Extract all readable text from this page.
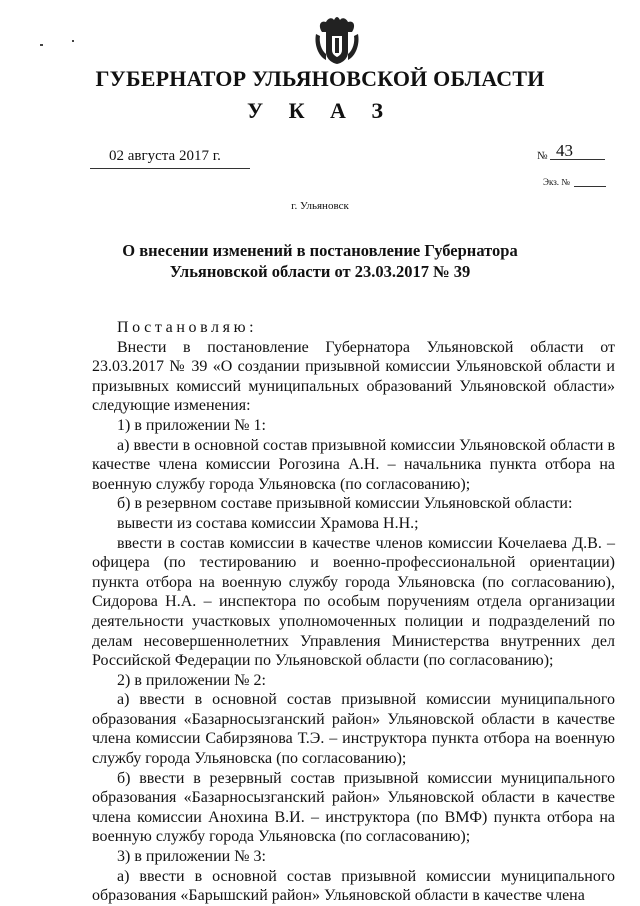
ГУБЕРНАТОР УЛЬЯНОВСКОЙ ОБЛАСТИ
У К А З
02 августа 2017 г.	№ 43
Экз. №
г. Ульяновск
О внесении изменений в постановление Губернатора
Ульяновской области от 23.03.2017 № 39
Постановляю:
Внести в постановление Губернатора Ульяновской области от 23.03.2017 № 39 «О создании призывной комиссии Ульяновской области и призывных комиссий муниципальных образований Ульяновской области» следующие изменения:
1) в приложении № 1:
а) ввести в основной состав призывной комиссии Ульяновской области в качестве члена комиссии Рогозина А.Н. – начальника пункта отбора на военную службу города Ульяновска (по согласованию);
б) в резервном составе призывной комиссии Ульяновской области:
вывести из состава комиссии Храмова Н.Н.;
ввести в состав комиссии в качестве членов комиссии Кочелаева Д.В. – офицера (по тестированию и военно-профессиональной ориентации) пункта отбора на военную службу города Ульяновска (по согласованию), Сидорова Н.А. – инспектора по особым поручениям отдела организации деятельности участковых уполномоченных полиции и подразделений по делам несовершеннолетних Управления Министерства внутренних дел Российской Федерации по Ульяновской области (по согласованию);
2) в приложении № 2:
а) ввести в основной состав призывной комиссии муниципального образования «Базарносызганский район» Ульяновской области в качестве члена комиссии Сабирзянова Т.Э. – инструктора пункта отбора на военную службу города Ульяновска (по согласованию);
б) ввести в резервный состав призывной комиссии муниципального образования «Базарносызганский район» Ульяновской области в качестве члена комиссии Анохина В.И. – инструктора (по ВМФ) пункта отбора на военную службу города Ульяновска (по согласованию);
3) в приложении № 3:
а) ввести в основной состав призывной комиссии муниципального образования «Барышский район» Ульяновской области в качестве члена
